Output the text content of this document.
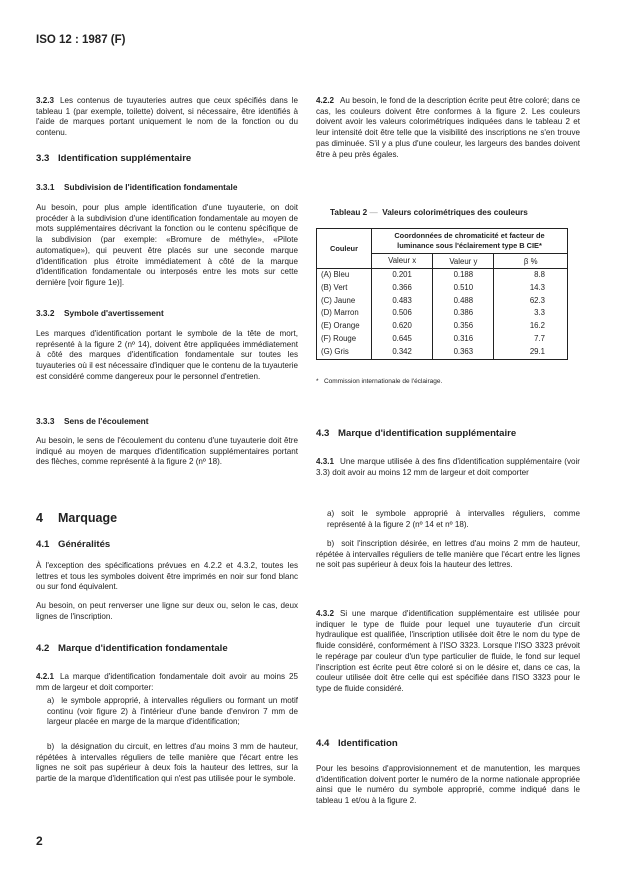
ISO 12 : 1987 (F)

3.2.3 Les contenus de tuyauteries autres que ceux spécifiés dans le tableau 1 (par exemple, toilette) doivent, si nécessaire, être identifiés à l'aide de marques portant uniquement le nom de la fonction ou du contenu.

3.3 Identification supplémentaire
3.3.1 Subdivision de l'identification fondamentale

Au besoin, pour plus ample identification d'une tuyauterie, on doit procéder à la subdivision d'une identification fondamentale au moyen de mots supplémentaires décrivant la fonction ou le contenu spécifique de la subdivision (par exemple: «Bromure de méthyle», «Pilote automatique»), qui peuvent être placés sur une seconde marque d'identification plus étroite immédiatement à côté de la marque d'identification fondamentale ou interposés entre les mots sur cette dernière [voir figure 1e)].

3.3.2 Symbole d'avertissement

Les marques d'identification portant le symbole de la tête de mort, représenté à la figure 2 (nº 14), doivent être appliquées immédiatement à côté des marques d'identification fondamentale sur toutes les tuyauteries où il est nécessaire d'indiquer que le contenu de la tuyauterie est considéré comme dangereux pour le personnel d'entretien.

3.3.3 Sens de l'écoulement

Au besoin, le sens de l'écoulement du contenu d'une tuyauterie doit être indiqué au moyen de marques d'identification supplémentaires portant des flèches, comme représenté à la figure 2 (nº 18).

4 Marquage
4.1 Généralités

À l'exception des spécifications prévues en 4.2.2 et 4.3.2, toutes les lettres et tous les symboles doivent être imprimés en noir sur fond blanc ou sur fond équivalent.

Au besoin, on peut renverser une ligne sur deux ou, selon le cas, deux lignes de l'inscription.

4.2 Marque d'identification fondamentale

4.2.1 La marque d'identification fondamentale doit avoir au moins 25 mm de largeur et doit comporter:

a) le symbole approprié, à intervalles réguliers ou formant un motif continu (voir figure 2) à l'intérieur d'une bande d'environ 7 mm de largeur placée en marge de la marque d'identification;

b) la désignation du circuit, en lettres d'au moins 3 mm de hauteur, répétées à intervalles réguliers de telle manière que l'écart entre les lignes ne soit pas supérieur à deux fois la hauteur des lettres, sur la partie de la marque d'identification qui n'est pas utilisée pour le symbole.

4.2.2 Au besoin, le fond de la description écrite peut être coloré; dans ce cas, les couleurs doivent être conformes à la figure 2. Les couleurs doivent avoir les valeurs colorimétriques indiquées dans le tableau 2 et leur intensité doit être telle que la visibilité des inscriptions ne s'en trouve pas diminuée. S'il y a plus d'une couleur, les largeurs des bandes doivent être à peu près égales.

Tableau 2 — Valeurs colorimétriques des couleurs
Couleur	Coordonnées de chromaticité et facteur de luminance sous l'éclairement type B CIE*		
	Valeur x	Valeur y	β %
(A) Bleu	0.201	0.188	8.8
(B) Vert	0.366	0.510	14.3
(C) Jaune	0.483	0.488	62.3
(D) Marron	0.506	0.386	3.3
(E) Orange	0.620	0.356	16.2
(F) Rouge	0.645	0.316	7.7
(G) Gris	0.342	0.363	29.1
* Commission internationale de l'éclairage.
4.3 Marque d'identification supplémentaire

4.3.1 Une marque utilisée à des fins d'identification supplémentaire (voir 3.3) doit avoir au moins 12 mm de largeur et doit comporter

a) soit le symbole approprié à intervalles réguliers, comme représenté à la figure 2 (nº 14 et nº 18).

b) soit l'inscription désirée, en lettres d'au moins 2 mm de hauteur, répétée à intervalles réguliers de telle manière que l'écart entre les lignes ne soit pas supérieur à deux fois la hauteur des lettres.

4.3.2 Si une marque d'identification supplémentaire est utilisée pour indiquer le type de fluide pour lequel une tuyauterie d'un circuit hydraulique est qualifiée, l'inscription utilisée doit être le nom du type de fluide considéré, conformément à l'ISO 3323. Lorsque l'ISO 3323 prévoit le repérage par couleur d'un type particulier de fluide, le fond sur lequel l'inscription est écrite peut être coloré si on le désire et, dans ce cas, la couleur utilisée doit être celle qui est spécifiée dans l'ISO 3323 pour le type de fluide considéré.

4.4 Identification

Pour les besoins d'approvisionnement et de manutention, les marques d'identification doivent porter le numéro de la norme nationale appropriée ainsi que le numéro du symbole approprié, comme indiqué dans le tableau 1 et/ou à la figure 2.

2
